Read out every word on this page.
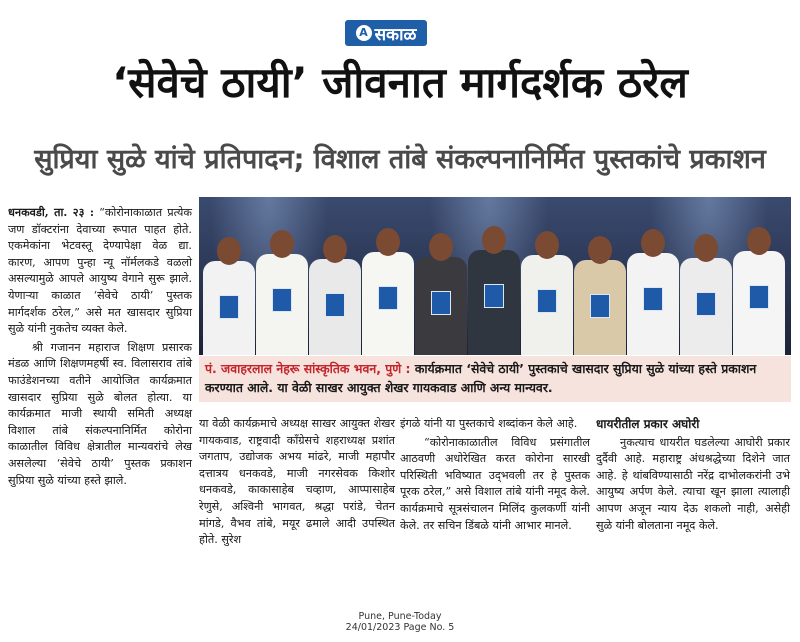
A सकाळ
‘सेवेचे ठायी’ जीवनात मार्गदर्शक ठरेल
सुप्रिया सुळे यांचे प्रतिपादन; विशाल तांबे संकल्पनानिर्मित पुस्तकांचे प्रकाशन

धनकवडी, ता. २३ : “कोरोनाकाळात प्रत्येक जण डॉक्टरांना देवाच्या रूपात पाहत होते. एकमेकांना भेटवस्तू देण्यापेक्षा वेळ द्या. कारण, आपण पुन्हा न्यू नॉर्मलकडे वळलो असल्यामुळे आपले आयुष्य वेगाने सुरू झाले. येणाऱ्या काळात ‘सेवेचे ठायी’ पुस्तक मार्गदर्शक ठरेल,” असे मत खासदार सुप्रिया सुळे यांनी नुकतेच व्यक्त केले.

श्री गजानन महाराज शिक्षण प्रसारक मंडळ आणि शिक्षणमहर्षी स्व. विलासराव तांबे फाउंडेशनच्या वतीने आयोजित कार्यक्रमात खासदार सुप्रिया सुळे बोलत होत्या. या कार्यक्रमात माजी स्थायी समिती अध्यक्ष विशाल तांबे संकल्पनानिर्मित कोरोना काळातील विविध क्षेत्रातील मान्यवरांचे लेख असलेल्या ‘सेवेचे ठायी’ पुस्तक प्रकाशन सुप्रिया सुळे यांच्या हस्ते झाले.

पं. जवाहरलाल नेहरू सांस्कृतिक भवन, पुणे : कार्यक्रमात ‘सेवेचे ठायी’ पुस्तकाचे खासदार सुप्रिया सुळे यांच्या हस्ते प्रकाशन करण्यात आले. या वेळी साखर आयुक्त शेखर गायकवाड आणि अन्य मान्यवर.

या वेळी कार्यक्रमाचे अध्यक्ष साखर आयुक्त शेखर गायकवाड, राष्ट्रवादी काँग्रेसचे शहराध्यक्ष प्रशांत जगताप, उद्योजक अभय मांढरे, माजी महापौर दत्तात्रय धनकवडे, माजी नगरसेवक किशोर धनकवडे, काकासाहेब चव्हाण, आप्पासाहेब रेणुसे, अश्विनी भागवत, श्रद्धा परांडे, चेतन मांगडे, वैभव तांबे, मयूर ढमाले आदी उपस्थित होते. सुरेश

इंगळे यांनी या पुस्तकाचे शब्दांकन केले आहे.

“कोरोनाकाळातील विविध प्रसंगातील आठवणी अधोरेखित करत कोरोना सारखी परिस्थिती भविष्यात उद्‍भवली तर हे पुस्तक पूरक ठरेल,” असे विशाल तांबे यांनी नमूद केले. कार्यक्रमाचे सूत्रसंचालन मिलिंद कुलकर्णी यांनी केले. तर सचिन डिंबळे यांनी आभार मानले.

धायरीतील प्रकार अघोरी

नुकत्याच धायरीत घडलेल्या आघोरी प्रकार दुर्दैवी आहे. महाराष्ट्र अंधश्रद्धेच्या दिशेने जात आहे. हे थांबविण्यासाठी नरेंद्र दाभोलकरांनी उभे आयुष्य अर्पण केले. त्याचा खून झाला त्यालाही आपण अजून न्याय देऊ शकलो नाही, असेही सुळे यांनी बोलताना नमूद केले.

Pune, Pune-Today
24/01/2023 Page No. 5
